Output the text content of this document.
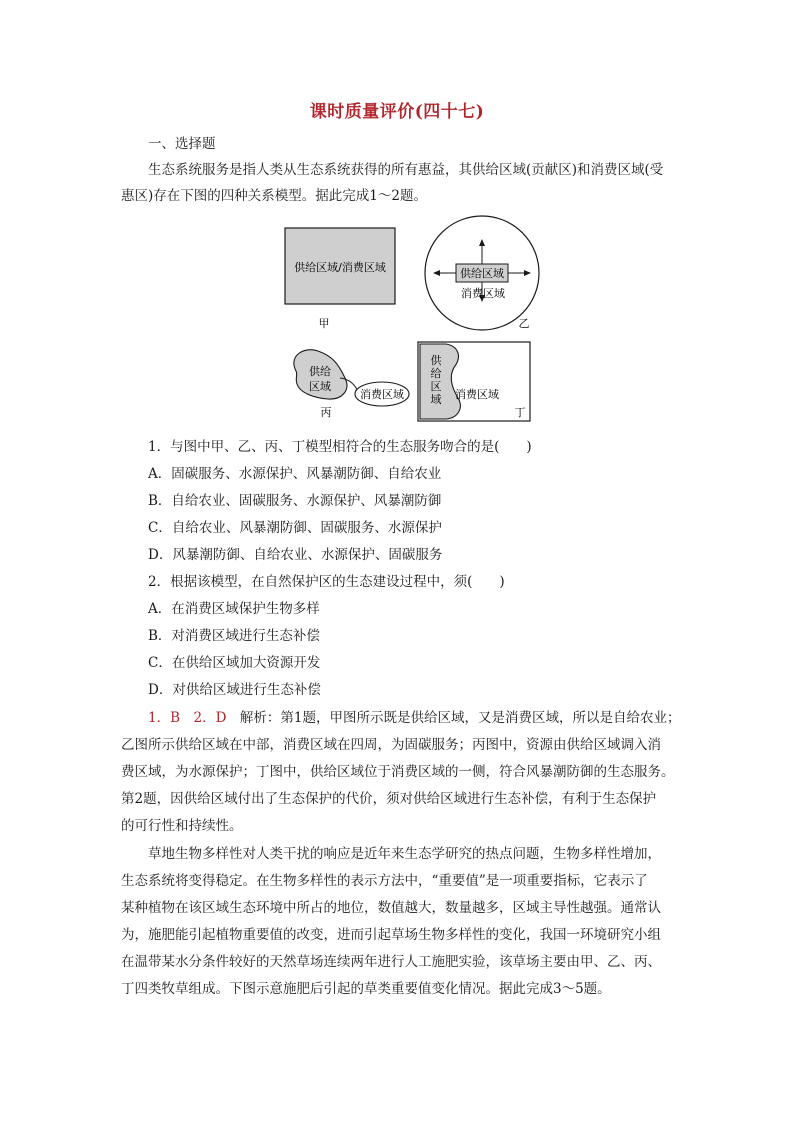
课时质量评价(四十七)
一、选择题
生态系统服务是指人类从生态系统获得的所有惠益，其供给区域(贡献区)和消费区域(受
惠区)存在下图的四种关系模型。据此完成1～2题。
供给区域/消费区域
甲
供给区域
消费区域
乙
供给
区域
消费区域
丙
供
给
区
域 消费区域
丁
1．与图中甲、乙、丙、丁模型相符合的生态服务吻合的是(　　)
A．固碳服务、水源保护、风暴潮防御、自给农业
B．自给农业、固碳服务、水源保护、风暴潮防御
C．自给农业、风暴潮防御、固碳服务、水源保护
D．风暴潮防御、自给农业、水源保护、固碳服务
2．根据该模型，在自然保护区的生态建设过程中，须(　　)
A．在消费区域保护生物多样
B．对消费区域进行生态补偿
C．在供给区域加大资源开发
D．对供给区域进行生态补偿
1．B　2．D　解析：第1题，甲图所示既是供给区域，又是消费区域，所以是自给农业；
乙图所示供给区域在中部，消费区域在四周，为固碳服务；丙图中，资源由供给区域调入消
费区域，为水源保护；丁图中，供给区域位于消费区域的一侧，符合风暴潮防御的生态服务。
第2题，因供给区域付出了生态保护的代价，须对供给区域进行生态补偿，有利于生态保护
的可行性和持续性。
草地生物多样性对人类干扰的响应是近年来生态学研究的热点问题，生物多样性增加，
生态系统将变得稳定。在生物多样性的表示方法中，“重要值”是一项重要指标，它表示了
某种植物在该区域生态环境中所占的地位，数值越大，数量越多，区域主导性越强。通常认
为，施肥能引起植物重要值的改变，进而引起草场生物多样性的变化，我国一环境研究小组
在温带某水分条件较好的天然草场连续两年进行人工施肥实验，该草场主要由甲、乙、丙、
丁四类牧草组成。下图示意施肥后引起的草类重要值变化情况。据此完成3～5题。
